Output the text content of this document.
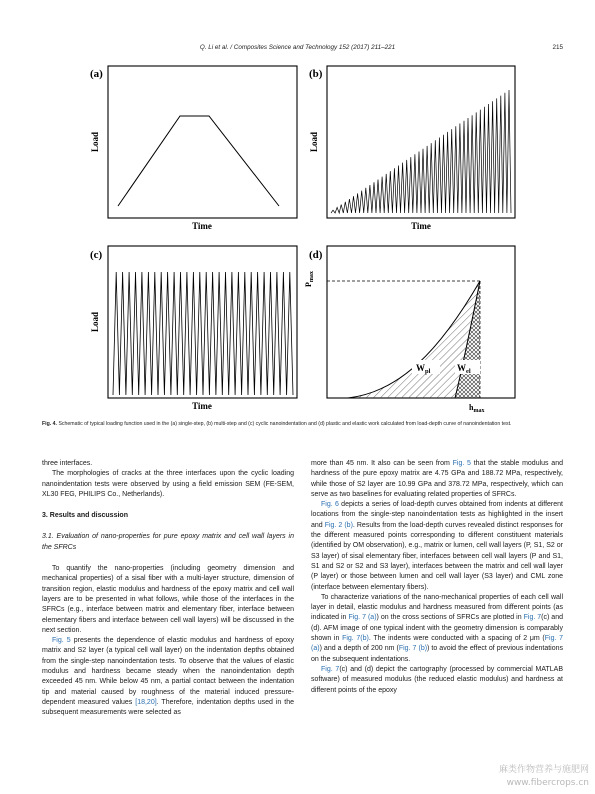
Q. Li et al. / Composites Science and Technology 152 (2017) 211–221	215
(a)
Load
Time
(b)
Load
Time
(c)
Load
Time
(d)
$P_{max}$
$W_{pl}$	$W_{el}$
$h_{max}$
Fig. 4. Schematic of typical loading function used in the (a) single-step, (b) multi-step and (c) cyclic nanoindentation and (d) plastic and elastic work calculated from load-depth curve of nanoindentation test.

three interfaces.

The morphologies of cracks at the three interfaces upon the cyclic loading nanoindentation tests were observed by using a field emission SEM (FE-SEM, XL30 FEG, PHILIPS Co., Netherlands).

3. Results and discussion
3.1. Evaluation of nano-properties for pure epoxy matrix and cell wall layers in the SFRCs

To quantify the nano-properties (including geometry dimension and mechanical properties) of a sisal fiber with a multi-layer structure, dimension of transition region, elastic modulus and hardness of the epoxy matrix and cell wall layers are to be presented in what follows, while those of the interfaces in the SFRCs (e.g., interface between matrix and elementary fiber, interface between elementary fibers and interface between cell wall layers) will be discussed in the next section.

Fig. 5 presents the dependence of elastic modulus and hardness of epoxy matrix and S2 layer (a typical cell wall layer) on the indentation depths obtained from the single-step nanoindentation tests. To observe that the values of elastic modulus and hardness became steady when the nanoindentation depth exceeded 45 nm. While below 45 nm, a partial contact between the indentation tip and material caused by roughness of the material induced pressure-dependent measured values [18,20]. Therefore, indentation depths used in the subsequent measurements were selected as

more than 45 nm. It also can be seen from Fig. 5 that the stable modulus and hardness of the pure epoxy matrix are 4.75 GPa and 188.72 MPa, respectively, while those of S2 layer are 10.99 GPa and 378.72 MPa, respectively, which can serve as two baselines for evaluating related properties of SFRCs.

Fig. 6 depicts a series of load-depth curves obtained from indents at different locations from the single-step nanoindentation tests as highlighted in the insert and Fig. 2 (b). Results from the load-depth curves revealed distinct responses for the different measured points corresponding to different constituent materials (identified by OM observation), e.g., matrix or lumen, cell wall layers (P, S1, S2 or S3 layer) of sisal elementary fiber, interfaces between cell wall layers (P and S1, S1 and S2 or S2 and S3 layer), interfaces between the matrix and cell wall layer (P layer) or those between lumen and cell wall layer (S3 layer) and CML zone (interface between elementary fibers).

To characterize variations of the nano-mechanical properties of each cell wall layer in detail, elastic modulus and hardness measured from different points (as indicated in Fig. 7 (a)) on the cross sections of SFRCs are plotted in Fig. 7(c) and (d). AFM image of one typical indent with the geometry dimension is comparably shown in Fig. 7(b). The indents were conducted with a spacing of 2 μm (Fig. 7 (a)) and a depth of 200 nm (Fig. 7 (b)) to avoid the effect of previous indentations on the subsequent indentations.

Fig. 7(c) and (d) depict the cartography (processed by commercial MATLAB software) of measured modulus (the reduced elastic modulus) and hardness at different points of the epoxy

麻类作物营养与施肥网
www.fibercrops.cn
